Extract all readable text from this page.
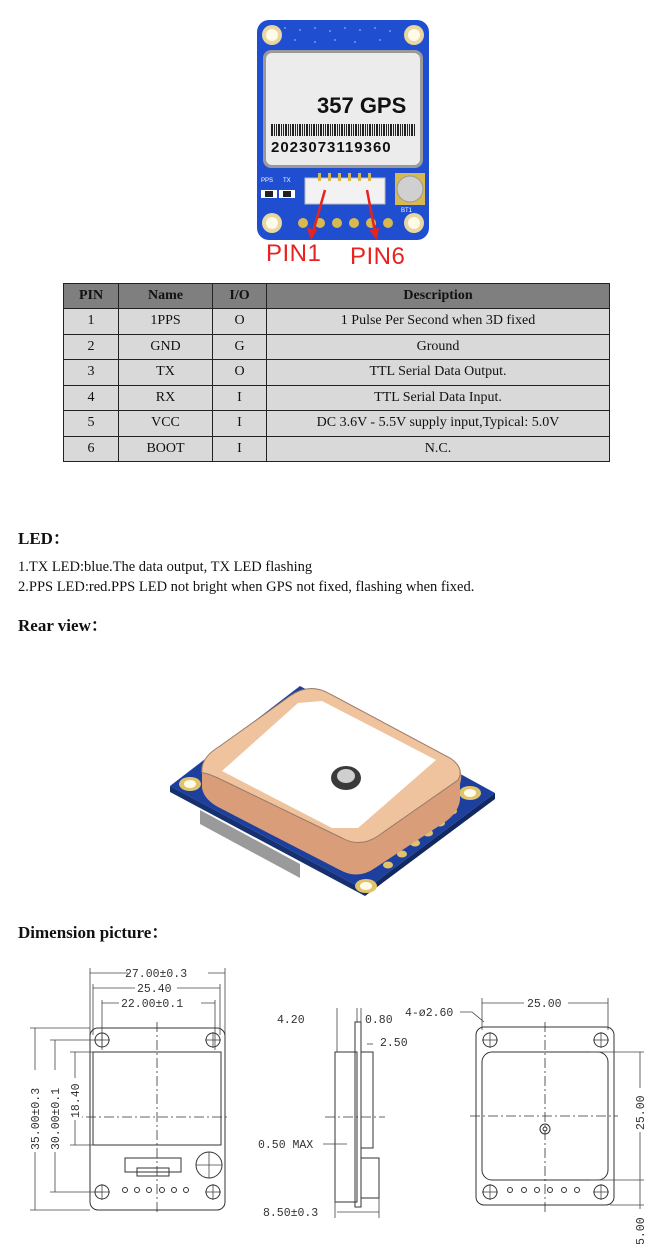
357 GPS
2023073119360
PPS TX
BT1
PIN1 PIN6
PIN	Name	I/O	Description
1	1PPS	O	1 Pulse Per Second when 3D fixed
2	GND	G	Ground
3	TX	O	TTL Serial Data Output.
4	RX	I	TTL Serial Data Input.
5	VCC	I	DC 3.6V - 5.5V supply input,Typical: 5.0V
6	BOOT	I	N.C.
LED：
1.TX LED:blue.The data output, TX LED flashing
2.PPS LED:red.PPS LED not bright when GPS not fixed, flashing when fixed.
Rear view：
Dimension picture：
27.00±0.3
25.40
22.00±0.1
35.00±0.3 30.00±0.1 18.40
4.20	0.80
2.50
0.50 MAX
8.50±0.3
4-ø2.60
25.00
25.00
5.00
